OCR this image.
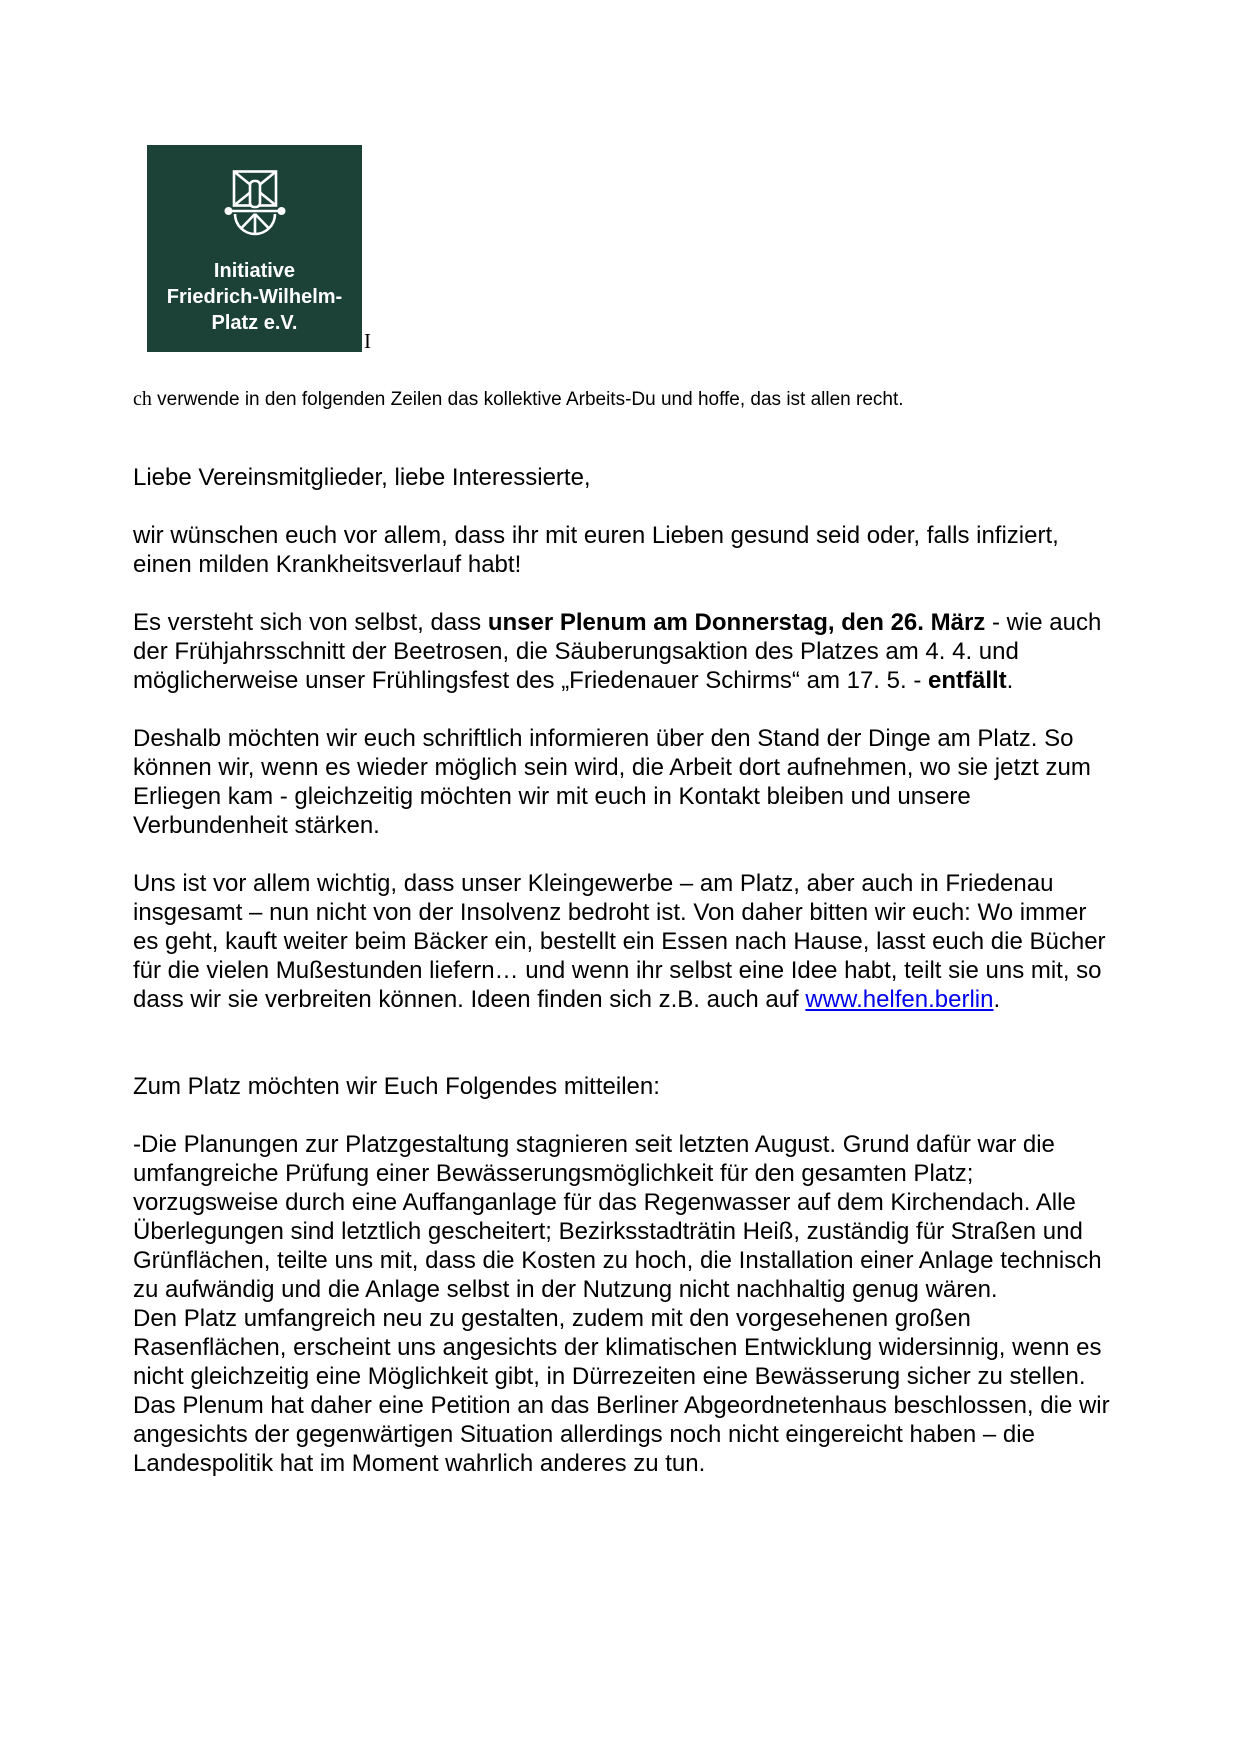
Initiative
Friedrich-Wilhelm-
Platz e.V.
I

ch verwende in den folgenden Zeilen das kollektive Arbeits-Du und hoffe, das ist allen recht.

Liebe Vereinsmitglieder, liebe Interessierte,

wir wünschen euch vor allem, dass ihr mit euren Lieben gesund seid oder, falls infiziert, einen milden Krankheitsverlauf habt!

Es versteht sich von selbst, dass unser Plenum am Donnerstag, den 26. März - wie auch der Frühjahrsschnitt der Beetrosen, die Säuberungsaktion des Platzes am 4. 4. und möglicherweise unser Frühlingsfest des „Friedenauer Schirms“ am 17. 5. - entfällt.

Deshalb möchten wir euch schriftlich informieren über den Stand der Dinge am Platz. So können wir, wenn es wieder möglich sein wird, die Arbeit dort aufnehmen, wo sie jetzt zum Erliegen kam - gleichzeitig möchten wir mit euch in Kontakt bleiben und unsere Verbundenheit stärken.

Uns ist vor allem wichtig, dass unser Kleingewerbe – am Platz, aber auch in Friedenau insgesamt – nun nicht von der Insolvenz bedroht ist. Von daher bitten wir euch: Wo immer es geht, kauft weiter beim Bäcker ein, bestellt ein Essen nach Hause, lasst euch die Bücher für die vielen Mußestunden liefern… und wenn ihr selbst eine Idee habt, teilt sie uns mit, so dass wir sie verbreiten können. Ideen finden sich z.B. auch auf www.helfen.berlin.

Zum Platz möchten wir Euch Folgendes mitteilen:

-Die Planungen zur Platzgestaltung stagnieren seit letzten August. Grund dafür war die umfangreiche Prüfung einer Bewässerungsmöglichkeit für den gesamten Platz; vorzugsweise durch eine Auffanganlage für das Regenwasser auf dem Kirchendach. Alle Überlegungen sind letztlich gescheitert; Bezirksstadträtin Heiß, zuständig für Straßen und Grünflächen, teilte uns mit, dass die Kosten zu hoch, die Installation einer Anlage technisch zu aufwändig und die Anlage selbst in der Nutzung nicht nachhaltig genug wären.

Den Platz umfangreich neu zu gestalten, zudem mit den vorgesehenen großen Rasenflächen, erscheint uns angesichts der klimatischen Entwicklung widersinnig, wenn es nicht gleichzeitig eine Möglichkeit gibt, in Dürrezeiten eine Bewässerung sicher zu stellen. Das Plenum hat daher eine Petition an das Berliner Abgeordnetenhaus beschlossen, die wir angesichts der gegenwärtigen Situation allerdings noch nicht eingereicht haben – die Landespolitik hat im Moment wahrlich anderes zu tun.
